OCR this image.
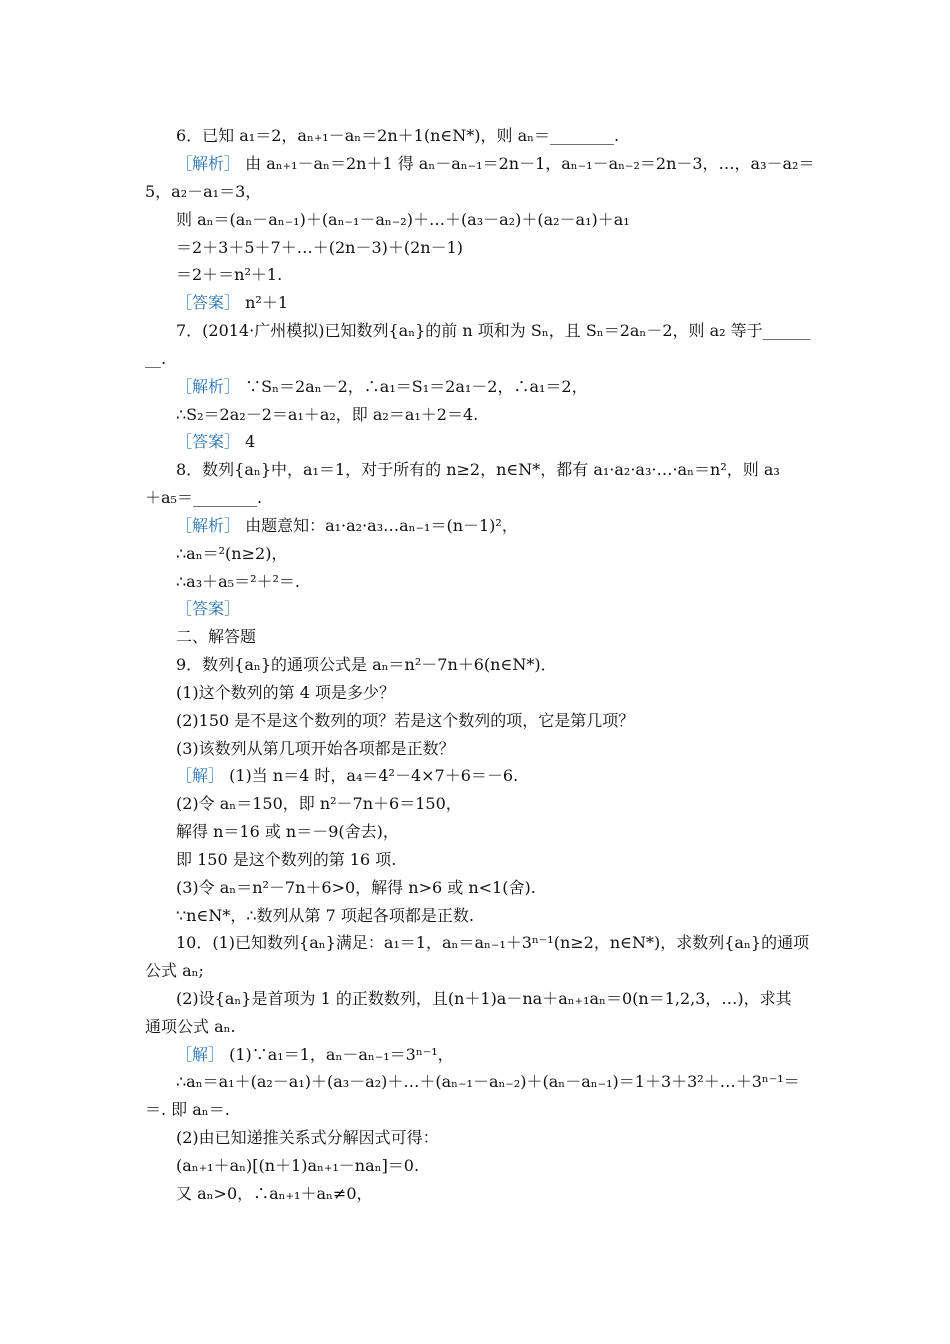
6．已知 a₁＝2，aₙ₊₁－aₙ＝2n＋1(n∈N*)，则 aₙ＝________.
［解析］ 由 aₙ₊₁－aₙ＝2n＋1 得 aₙ－aₙ₋₁＝2n－1，aₙ₋₁－aₙ₋₂＝2n－3，…，a₃－a₂＝
5，a₂－a₁＝3，
则 aₙ＝(aₙ－aₙ₋₁)＋(aₙ₋₁－aₙ₋₂)＋…＋(a₃－a₂)＋(a₂－a₁)＋a₁
＝2＋3＋5＋7＋…＋(2n－3)＋(2n－1)
＝2＋＝n²＋1.
［答案］ n²＋1
7．(2014·广州模拟)已知数列{aₙ}的前 n 项和为 Sₙ，且 Sₙ＝2aₙ－2，则 a₂ 等于______
__.
［解析］ ∵Sₙ＝2aₙ－2，∴a₁＝S₁＝2a₁－2，∴a₁＝2，
∴S₂＝2a₂－2＝a₁＋a₂，即 a₂＝a₁＋2＝4.
［答案］ 4
8．数列{aₙ}中，a₁＝1，对于所有的 n≥2，n∈N*，都有 a₁·a₂·a₃·…·aₙ＝n²，则 a₃
＋a₅＝________.
［解析］ 由题意知：a₁·a₂·a₃…aₙ₋₁＝(n－1)²，
∴aₙ＝²(n≥2)，
∴a₃＋a₅＝²＋²＝.
［答案］
二、解答题
9．数列{aₙ}的通项公式是 aₙ＝n²－7n＋6(n∈N*)．
(1)这个数列的第 4 项是多少？
(2)150 是不是这个数列的项？若是这个数列的项，它是第几项？
(3)该数列从第几项开始各项都是正数？
［解］ (1)当 n＝4 时，a₄＝4²－4×7＋6＝－6.
(2)令 aₙ＝150，即 n²－7n＋6＝150，
解得 n＝16 或 n＝－9(舍去)，
即 150 是这个数列的第 16 项.
(3)令 aₙ＝n²－7n＋6>0，解得 n>6 或 n<1(舍).
∵n∈N*，∴数列从第 7 项起各项都是正数.
10．(1)已知数列{aₙ}满足：a₁＝1，aₙ＝aₙ₋₁＋3ⁿ⁻¹(n≥2，n∈N*)，求数列{aₙ}的通项
公式 aₙ;
(2)设{aₙ}是首项为 1 的正数数列，且(n＋1)a－na＋aₙ₊₁aₙ＝0(n＝1,2,3，…)，求其
通项公式 aₙ.
［解］ (1)∵a₁＝1，aₙ－aₙ₋₁＝3ⁿ⁻¹，
∴aₙ＝a₁＋(a₂－a₁)＋(a₃－a₂)＋…＋(aₙ₋₁－aₙ₋₂)＋(aₙ－aₙ₋₁)＝1＋3＋3²＋…＋3ⁿ⁻¹＝
＝. 即 aₙ＝.
(2)由已知递推关系式分解因式可得：
(aₙ₊₁＋aₙ)[(n＋1)aₙ₊₁－naₙ]＝0.
又 aₙ>0，∴aₙ₊₁＋aₙ≠0，
